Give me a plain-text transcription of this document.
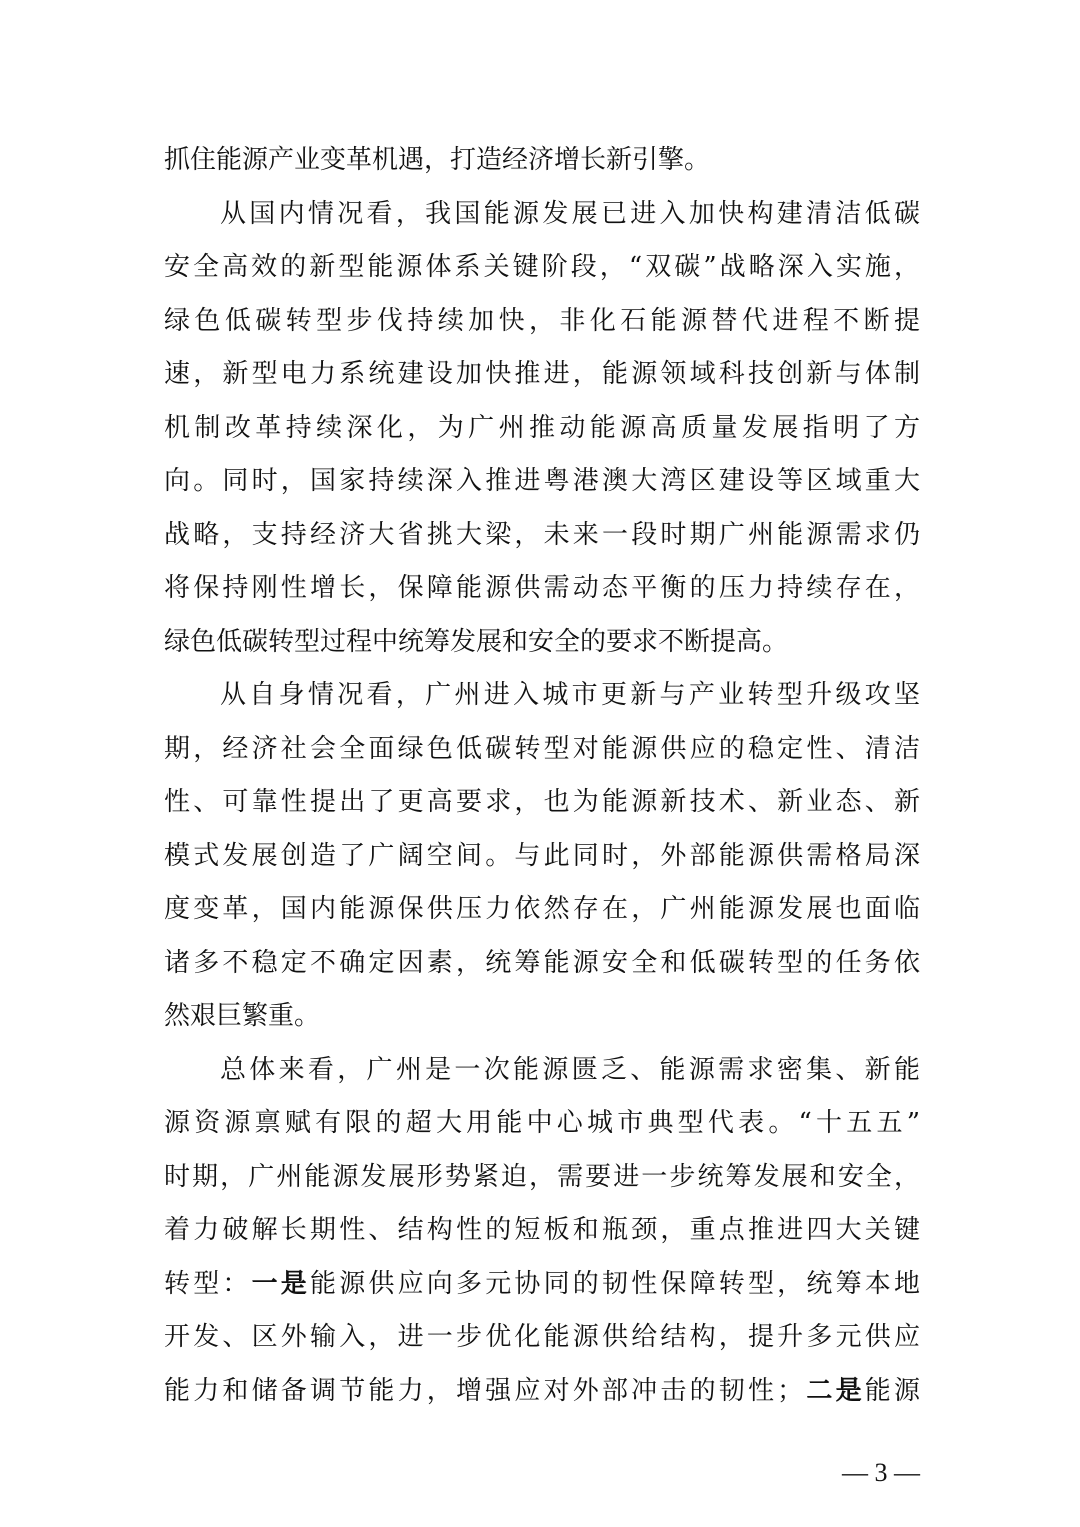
抓住能源产业变革机遇，打造经济增长新引擎。
从国内情况看，我国能源发展已进入加快构建清洁低碳
安全高效的新型能源体系关键阶段，“双碳”战略深入实施，
绿色低碳转型步伐持续加快，非化石能源替代进程不断提
速，新型电力系统建设加快推进，能源领域科技创新与体制
机制改革持续深化，为广州推动能源高质量发展指明了方
向。同时，国家持续深入推进粤港澳大湾区建设等区域重大
战略，支持经济大省挑大梁，未来一段时期广州能源需求仍
将保持刚性增长，保障能源供需动态平衡的压力持续存在，
绿色低碳转型过程中统筹发展和安全的要求不断提高。
从自身情况看，广州进入城市更新与产业转型升级攻坚
期，经济社会全面绿色低碳转型对能源供应的稳定性、清洁
性、可靠性提出了更高要求，也为能源新技术、新业态、新
模式发展创造了广阔空间。与此同时，外部能源供需格局深
度变革，国内能源保供压力依然存在，广州能源发展也面临
诸多不稳定不确定因素，统筹能源安全和低碳转型的任务依
然艰巨繁重。
总体来看，广州是一次能源匮乏、能源需求密集、新能
源资源禀赋有限的超大用能中心城市典型代表。“十五五”
时期，广州能源发展形势紧迫，需要进一步统筹发展和安全，
着力破解长期性、结构性的短板和瓶颈，重点推进四大关键
转型：一是能源供应向多元协同的韧性保障转型，统筹本地
开发、区外输入，进一步优化能源供给结构，提升多元供应
能力和储备调节能力，增强应对外部冲击的韧性；二是能源
— 3 —
